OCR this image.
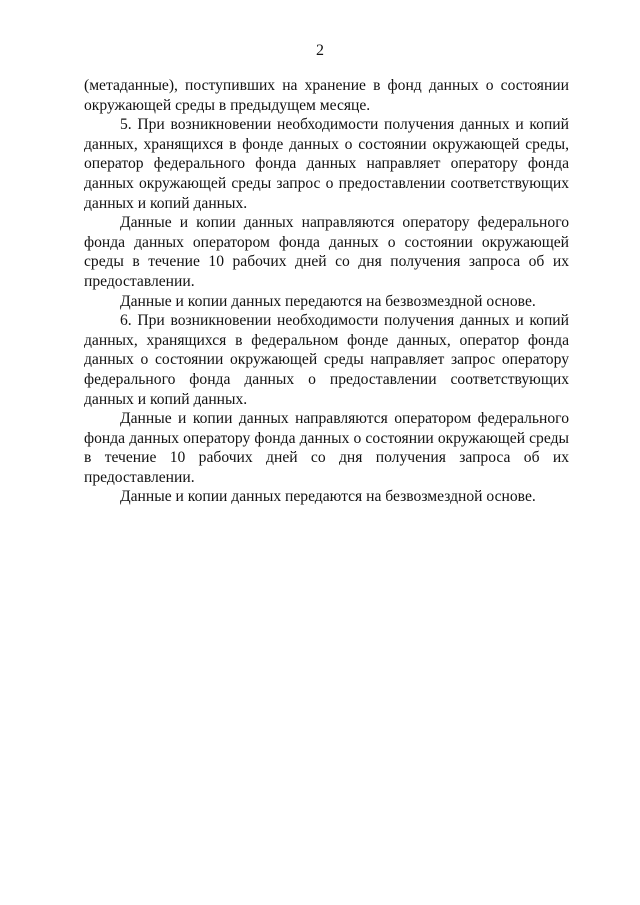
2

(метаданные), поступивших на хранение в фонд данных о состоянии окружающей среды в предыдущем месяце.

5. При возникновении необходимости получения данных и копий данных, хранящихся в фонде данных о состоянии окружающей среды, оператор федерального фонда данных направляет оператору фонда данных окружающей среды запрос о предоставлении соответствующих данных и копий данных.

Данные и копии данных направляются оператору федерального фонда данных оператором фонда данных о состоянии окружающей среды в течение 10 рабочих дней со дня получения запроса об их предоставлении.

Данные и копии данных передаются на безвозмездной основе.

6. При возникновении необходимости получения данных и копий данных, хранящихся в федеральном фонде данных, оператор фонда данных о состоянии окружающей среды направляет запрос оператору федерального фонда данных о предоставлении соответствующих данных и копий данных.

Данные и копии данных направляются оператором федерального фонда данных оператору фонда данных о состоянии окружающей среды в течение 10 рабочих дней со дня получения запроса об их предоставлении.

Данные и копии данных передаются на безвозмездной основе.
